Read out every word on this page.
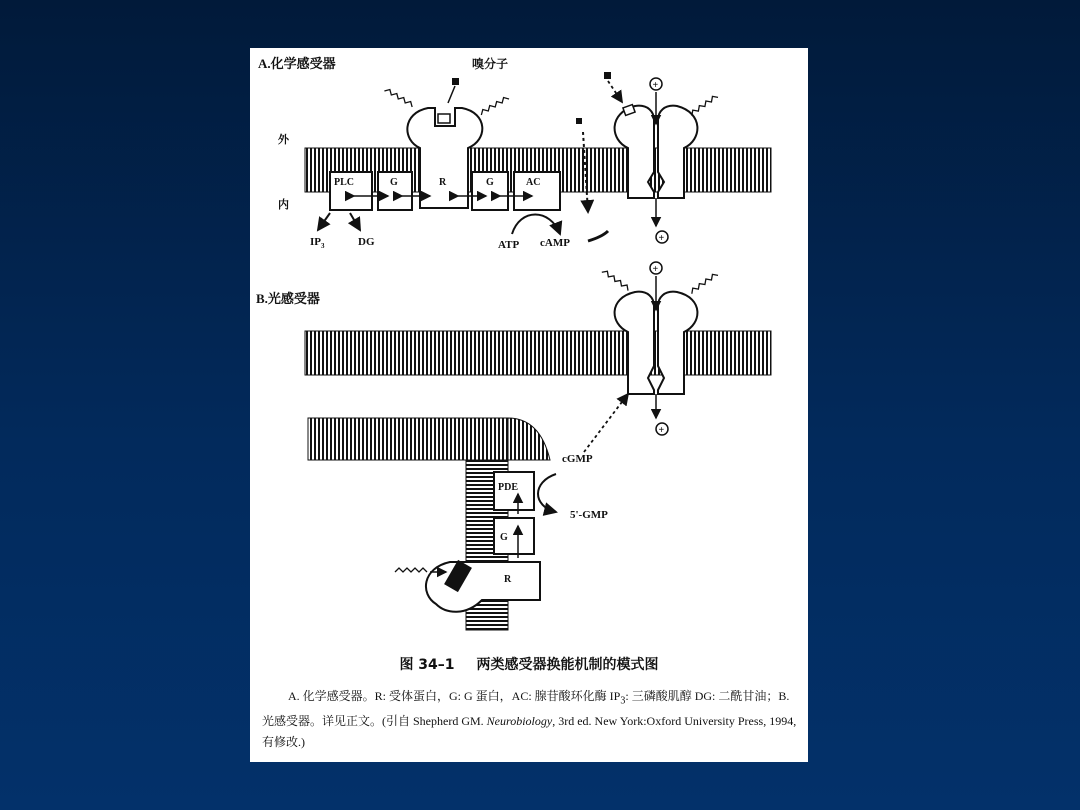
A.化学感受器	嗅分子
外
内
PLC	G	R	G	AC
$IP_3$	DG	ATP cAMP
+
+
B.光感受器
+
+
PDE
G
R
cGMP
5'-GMP
图 34–1 两类感受器换能机制的模式图
A. 化学感受器。R: 受体蛋白，G: G 蛋白，AC: 腺苷酸环化酶 $IP_3$: 三磷酸肌醇 DG: 二酰甘油；B. 光感受器。详见正文。(引自 Shepherd GM. Neurobiology, 3rd ed. New York:Oxford University Press, 1994, 有修改.)
